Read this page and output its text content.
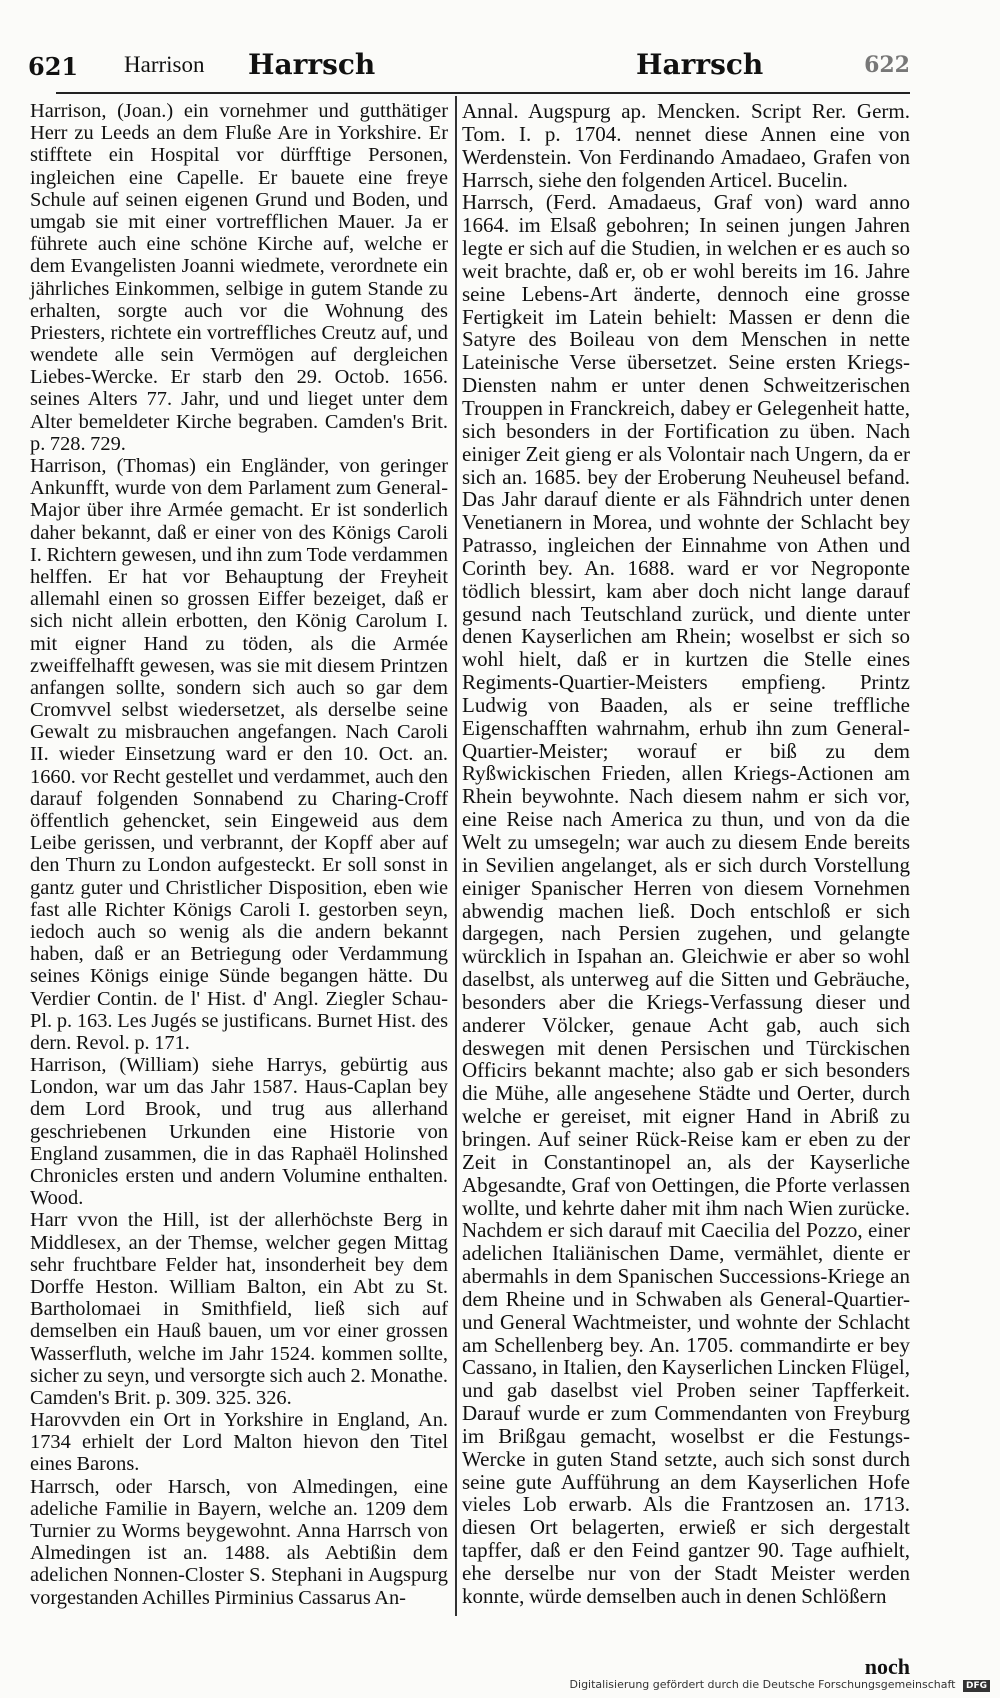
621 Harrison Harrsch	Harrsch	622
Harrison, (Joan.) ein vornehmer und gutthätiger Herr zu Leeds an dem Fluße Are in Yorkshire. Er stifftete ein Hospital vor dürfftige Personen, ingleichen eine Capelle. Er bauete eine freye Schule auf seinen eigenen Grund und Boden, und umgab sie mit einer vortrefflichen Mauer. Ja er führete auch eine schöne Kirche auf, welche er dem Evangelisten Joanni wiedmete, verordnete ein jährliches Einkommen, selbige in gutem Stande zu erhalten, sorgte auch vor die Wohnung des Priesters, richtete ein vortreffliches Creutz auf, und wendete alle sein Vermögen auf dergleichen Liebes-Wercke. Er starb den 29. Octob. 1656. seines Alters 77. Jahr, und und lieget unter dem Alter bemeldeter Kirche begraben. Camden's Brit. p. 728. 729.
Harrison, (Thomas) ein Engländer, von geringer Ankunfft, wurde von dem Parlament zum General-Major über ihre Armée gemacht. Er ist sonderlich daher bekannt, daß er einer von des Königs Caroli I. Richtern gewesen, und ihn zum Tode verdammen helffen. Er hat vor Behauptung der Freyheit allemahl einen so grossen Eiffer bezeiget, daß er sich nicht allein erbotten, den König Carolum I. mit eigner Hand zu töden, als die Armée zweiffelhafft gewesen, was sie mit diesem Printzen anfangen sollte, sondern sich auch so gar dem Cromvvel selbst wiedersetzet, als derselbe seine Gewalt zu misbrauchen angefangen. Nach Caroli II. wieder Einsetzung ward er den 10. Oct. an. 1660. vor Recht gestellet und verdammet, auch den darauf folgenden Sonnabend zu Charing-Croff öffentlich gehencket, sein Eingeweid aus dem Leibe gerissen, und verbrannt, der Kopff aber auf den Thurn zu London aufgesteckt. Er soll sonst in gantz guter und Christlicher Disposition, eben wie fast alle Richter Königs Caroli I. gestorben seyn, iedoch auch so wenig als die andern bekannt haben, daß er an Betriegung oder Verdammung seines Königs einige Sünde begangen hätte. Du Verdier Contin. de l' Hist. d' Angl. Ziegler Schau-Pl. p. 163. Les Jugés se justificans. Burnet Hist. des dern. Revol. p. 171.
Harrison, (William) siehe Harrys, gebürtig aus London, war um das Jahr 1587. Haus-Caplan bey dem Lord Brook, und trug aus allerhand geschriebenen Urkunden eine Historie von England zusammen, die in das Raphaël Holinshed Chronicles ersten und andern Volumine enthalten. Wood.
Harr vvon the Hill, ist der allerhöchste Berg in Middlesex, an der Themse, welcher gegen Mittag sehr fruchtbare Felder hat, insonderheit bey dem Dorffe Heston. William Balton, ein Abt zu St. Bartholomaei in Smithfield, ließ sich auf demselben ein Hauß bauen, um vor einer grossen Wasserfluth, welche im Jahr 1524. kommen sollte, sicher zu seyn, und versorgte sich auch 2. Monathe. Camden's Brit. p. 309. 325. 326.
Harovvden ein Ort in Yorkshire in England, An. 1734 erhielt der Lord Malton hievon den Titel eines Barons.
Harrsch, oder Harsch, von Almedingen, eine adeliche Familie in Bayern, welche an. 1209 dem Turnier zu Worms beygewohnt. Anna Harrsch von Almedingen ist an. 1488. als Aebtißin dem adelichen Nonnen-Closter S. Stephani in Augspurg vorgestanden Achilles Pirminius Cassarus An-
Annal. Augspurg ap. Mencken. Script Rer. Germ. Tom. I. p. 1704. nennet diese Annen eine von Werdenstein. Von Ferdinando Amadaeo, Grafen von Harrsch, siehe den folgenden Articel. Bucelin.
Harrsch, (Ferd. Amadaeus, Graf von) ward anno 1664. im Elsaß gebohren; In seinen jungen Jahren legte er sich auf die Studien, in welchen er es auch so weit brachte, daß er, ob er wohl bereits im 16. Jahre seine Lebens-Art änderte, dennoch eine grosse Fertigkeit im Latein behielt: Massen er denn die Satyre des Boileau von dem Menschen in nette Lateinische Verse übersetzet. Seine ersten Kriegs-Diensten nahm er unter denen Schweitzerischen Trouppen in Franckreich, dabey er Gelegenheit hatte, sich besonders in der Fortification zu üben. Nach einiger Zeit gieng er als Volontair nach Ungern, da er sich an. 1685. bey der Eroberung Neuheusel befand. Das Jahr darauf diente er als Fähndrich unter denen Venetianern in Morea, und wohnte der Schlacht bey Patrasso, ingleichen der Einnahme von Athen und Corinth bey. An. 1688. ward er vor Negroponte tödlich blessirt, kam aber doch nicht lange darauf gesund nach Teutschland zurück, und diente unter denen Kayserlichen am Rhein; woselbst er sich so wohl hielt, daß er in kurtzen die Stelle eines Regiments-Quartier-Meisters empfieng. Printz Ludwig von Baaden, als er seine treffliche Eigenschafften wahrnahm, erhub ihn zum General-Quartier-Meister; worauf er biß zu dem Ryßwickischen Frieden, allen Kriegs-Actionen am Rhein beywohnte. Nach diesem nahm er sich vor, eine Reise nach America zu thun, und von da die Welt zu umsegeln; war auch zu diesem Ende bereits in Sevilien angelanget, als er sich durch Vorstellung einiger Spanischer Herren von diesem Vornehmen abwendig machen ließ. Doch entschloß er sich dargegen, nach Persien zugehen, und gelangte würcklich in Ispahan an. Gleichwie er aber so wohl daselbst, als unterweg auf die Sitten und Gebräuche, besonders aber die Kriegs-Verfassung dieser und anderer Völcker, genaue Acht gab, auch sich deswegen mit denen Persischen und Türckischen Officirs bekannt machte; also gab er sich besonders die Mühe, alle angesehene Städte und Oerter, durch welche er gereiset, mit eigner Hand in Abriß zu bringen. Auf seiner Rück-Reise kam er eben zu der Zeit in Constantinopel an, als der Kayserliche Abgesandte, Graf von Oettingen, die Pforte verlassen wollte, und kehrte daher mit ihm nach Wien zurücke. Nachdem er sich darauf mit Caecilia del Pozzo, einer adelichen Italiänischen Dame, vermählet, diente er abermahls in dem Spanischen Successions-Kriege an dem Rheine und in Schwaben als General-Quartier- und General Wachtmeister, und wohnte der Schlacht am Schellenberg bey. An. 1705. commandirte er bey Cassano, in Italien, den Kayserlichen Lincken Flügel, und gab daselbst viel Proben seiner Tapfferkeit. Darauf wurde er zum Commendanten von Freyburg im Brißgau gemacht, woselbst er die Festungs-Wercke in guten Stand setzte, auch sich sonst durch seine gute Aufführung an dem Kayserlichen Hofe vieles Lob erwarb. Als die Frantzosen an. 1713. diesen Ort belagerten, erwieß er sich dergestalt tapffer, daß er den Feind gantzer 90. Tage aufhielt, ehe derselbe nur von der Stadt Meister werden konnte, würde demselben auch in denen Schlößern
noch
Digitalisierung gefördert durch die Deutsche Forschungsgemeinschaft DFG
